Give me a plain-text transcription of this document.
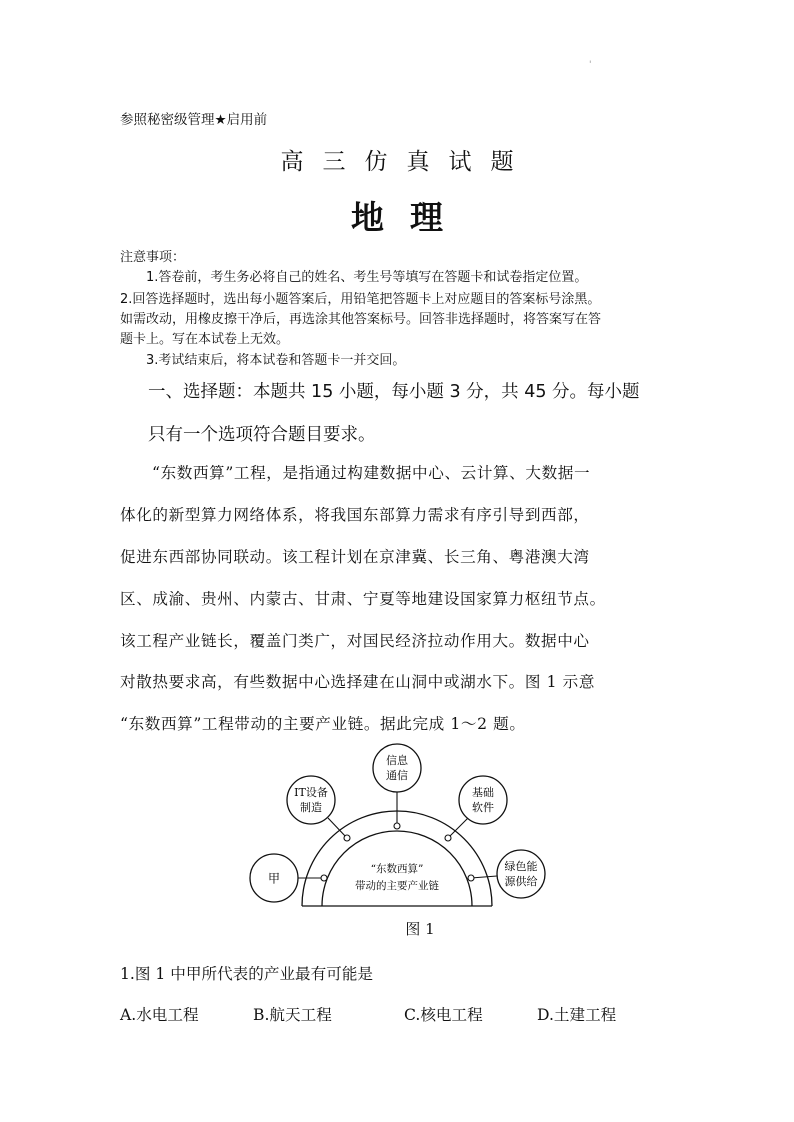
'
参照秘密级管理★启用前
高三仿真试题
地理
注意事项：
1.答卷前，考生务必将自己的姓名、考生号等填写在答题卡和试卷指定位置。
2.回答选择题时，选出每小题答案后，用铅笔把答题卡上对应题目的答案标号涂黑。
如需改动，用橡皮擦干净后，再选涂其他答案标号。回答非选择题时，将答案写在答
题卡上。写在本试卷上无效。
3.考试结束后，将本试卷和答题卡一并交回。
一、选择题：本题共 15 小题，每小题 3 分，共 45 分。每小题
只有一个选项符合题目要求。
“东数西算”工程，是指通过构建数据中心、云计算、大数据一
体化的新型算力网络体系，将我国东部算力需求有序引导到西部，
促进东西部协同联动。该工程计划在京津冀、长三角、粤港澳大湾
区、成渝、贵州、内蒙古、甘肃、宁夏等地建设国家算力枢纽节点。
该工程产业链长，覆盖门类广，对国民经济拉动作用大。数据中心
对散热要求高，有些数据中心选择建在山洞中或湖水下。图 1 示意
“东数西算”工程带动的主要产业链。据此完成 1～2 题。
甲
IT设备
制造
信息
通信
基础
软件
绿色能
源供给
“东数西算”
带动的主要产业链
图 1
1.图 1 中甲所代表的产业最有可能是
A.水电工程	B.航天工程	C.核电工程	D.土建工程
